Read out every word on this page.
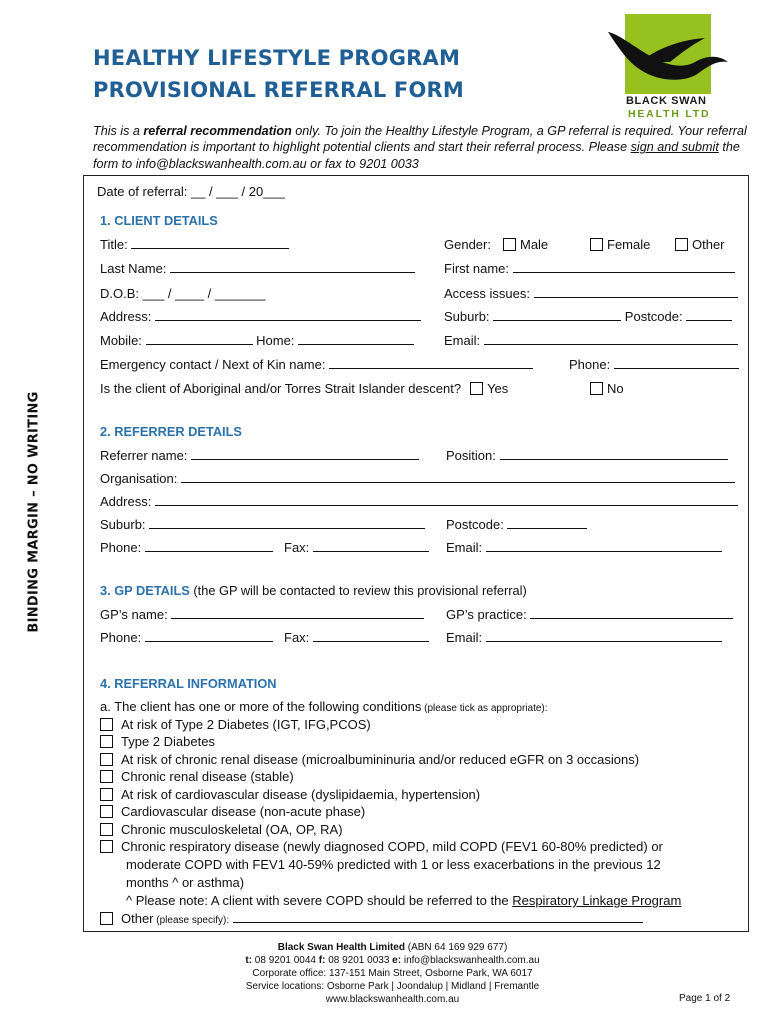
HEALTHY LIFESTYLE PROGRAM
PROVISIONAL REFERRAL FORM	BLACK SWAN
HEALTH LTD
This is a referral recommendation only. To join the Healthy Lifestyle Program, a GP referral is required. Your referral recommendation is important to highlight potential clients and start their referral process. Please sign and submit the form to info@blackswanhealth.com.au or fax to 9201 0033
BINDING MARGIN – NO WRITING
Date of referral: __ / ___ / 20___
1. CLIENT DETAILS
Title:	Gender: Male	Female	Other
Last Name:	First name:
D.O.B: ___ / ____ / _______	Access issues:
Address:	Suburb:	Postcode:
Mobile:	Home:	Email:
Emergency contact / Next of Kin name:	Phone:
Is the client of Aboriginal and/or Torres Strait Islander descent? Yes	No
2. REFERRER DETAILS
Referrer name:	Position:
Organisation:
Address:
Suburb:	Postcode:
Phone:	Fax:	Email:
3. GP DETAILS (the GP will be contacted to review this provisional referral)
GP’s name:	GP’s practice:
Phone:	Fax:	Email:
4. REFERRAL INFORMATION
a. The client has one or more of the following conditions (please tick as appropriate):
At risk of Type 2 Diabetes (IGT, IFG,PCOS)
Type 2 Diabetes
At risk of chronic renal disease (microalbumininuria and/or reduced eGFR on 3 occasions)
Chronic renal disease (stable)
At risk of cardiovascular disease (dyslipidaemia, hypertension)
Cardiovascular disease (non-acute phase)
Chronic musculoskeletal (OA, OP, RA)
Chronic respiratory disease (newly diagnosed COPD, mild COPD (FEV1 60-80% predicted) or
moderate COPD with FEV1 40-59% predicted with 1 or less exacerbations in the previous 12
months ^ or asthma)
^ Please note: A client with severe COPD should be referred to the Respiratory Linkage Program
Other (please specify):
Black Swan Health Limited (ABN 64 169 929 677)
t: 08 9201 0044 f: 08 9201 0033 e: info@blackswanhealth.com.au
Corporate office: 137-151 Main Street, Osborne Park, WA 6017
Service locations: Osborne Park | Joondalup | Midland | Fremantle
www.blackswanhealth.com.au	Page 1 of 2
